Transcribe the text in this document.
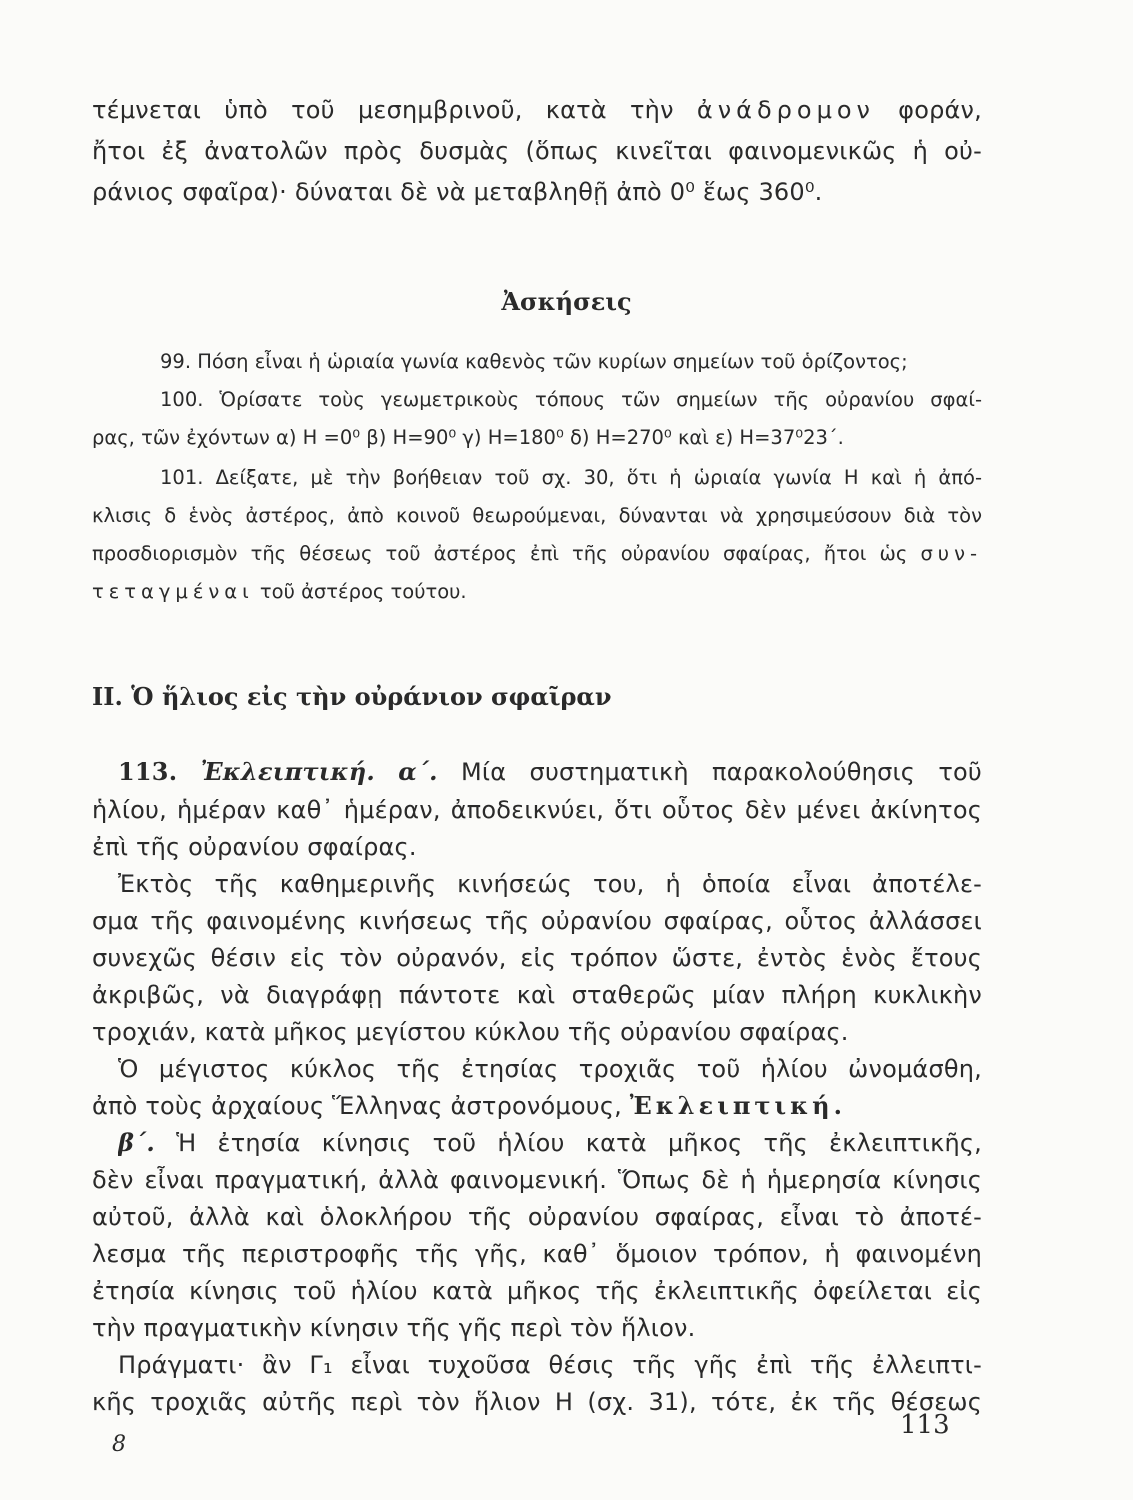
τέμνεται ὑπὸ τοῦ μεσημβρινοῦ, κατὰ τὴν ἀνάδρομον φοράν,

ἤτοι ἐξ ἀνατολῶν πρὸς δυσμὰς (ὅπως κινεῖται φαινομενικῶς ἡ οὐ-

ράνιος σφαῖρα)· δύναται δὲ νὰ μεταβληθῇ ἀπὸ 0⁰ ἕως 360⁰.

Ἀσκήσεις

99. Πόση εἶναι ἡ ὡριαία γωνία καθενὸς τῶν κυρίων σημείων τοῦ ὁρίζοντος;

100. Ὁρίσατε τοὺς γεωμετρικοὺς τόπους τῶν σημείων τῆς οὐρανίου σφαί-

ρας, τῶν ἐχόντων α) Η =0⁰ β) Η=90⁰ γ) Η=180⁰ δ) Η=270⁰ καὶ ε) Η=37⁰23΄.

101. Δείξατε, μὲ τὴν βοήθειαν τοῦ σχ. 30, ὅτι ἡ ὡριαία γωνία Η καὶ ἡ ἀπό-

κλισις δ ἑνὸς ἀστέρος, ἀπὸ κοινοῦ θεωρούμεναι, δύνανται νὰ χρησιμεύσουν διὰ τὸν

προσδιορισμὸν τῆς θέσεως τοῦ ἀστέρος ἐπὶ τῆς οὐρανίου σφαίρας, ἤτοι ὡς συν-

τεταγμέναι τοῦ ἀστέρος τούτου.

ΙΙ. Ὁ ἥλιος εἰς τὴν οὐράνιον σφαῖραν

113. Ἐκλειπτική. α΄. Μία συστηματικὴ παρακολούθησις τοῦ

ἡλίου, ἡμέραν καθ᾽ ἡμέραν, ἀποδεικνύει, ὅτι οὗτος δὲν μένει ἀκίνητος

ἐπὶ τῆς οὐρανίου σφαίρας.

Ἐκτὸς τῆς καθημερινῆς κινήσεώς του, ἡ ὁποία εἶναι ἀποτέλε-

σμα τῆς φαινομένης κινήσεως τῆς οὐρανίου σφαίρας, οὗτος ἀλλάσσει

συνεχῶς θέσιν εἰς τὸν οὐρανόν, εἰς τρόπον ὥστε, ἐντὸς ἑνὸς ἔτους

ἀκριβῶς, νὰ διαγράφῃ πάντοτε καὶ σταθερῶς μίαν πλήρη κυκλικὴν

τροχιάν, κατὰ μῆκος μεγίστου κύκλου τῆς οὐρανίου σφαίρας.

Ὁ μέγιστος κύκλος τῆς ἐτησίας τροχιᾶς τοῦ ἡλίου ὠνομάσθη,

ἀπὸ τοὺς ἀρχαίους Ἕλληνας ἀστρονόμους, Ἐκλειπτική.

β΄. Ἡ ἐτησία κίνησις τοῦ ἡλίου κατὰ μῆκος τῆς ἐκλειπτικῆς,

δὲν εἶναι πραγματική, ἀλλὰ φαινομενική. Ὅπως δὲ ἡ ἡμερησία κίνησις

αὐτοῦ, ἀλλὰ καὶ ὁλοκλήρου τῆς οὐρανίου σφαίρας, εἶναι τὸ ἀποτέ-

λεσμα τῆς περιστροφῆς τῆς γῆς, καθ᾽ ὅμοιον τρόπον, ἡ φαινομένη

ἐτησία κίνησις τοῦ ἡλίου κατὰ μῆκος τῆς ἐκλειπτικῆς ὀφείλεται εἰς

τὴν πραγματικὴν κίνησιν τῆς γῆς περὶ τὸν ἥλιον.

8

113

Πράγματι· ἂν Γ₁ εἶναι τυχοῦσα θέσις τῆς γῆς ἐπὶ τῆς ἐλλειπτι-

κῆς τροχιᾶς αὐτῆς περὶ τὸν ἥλιον Η (σχ. 31), τότε, ἐκ τῆς θέσεως
